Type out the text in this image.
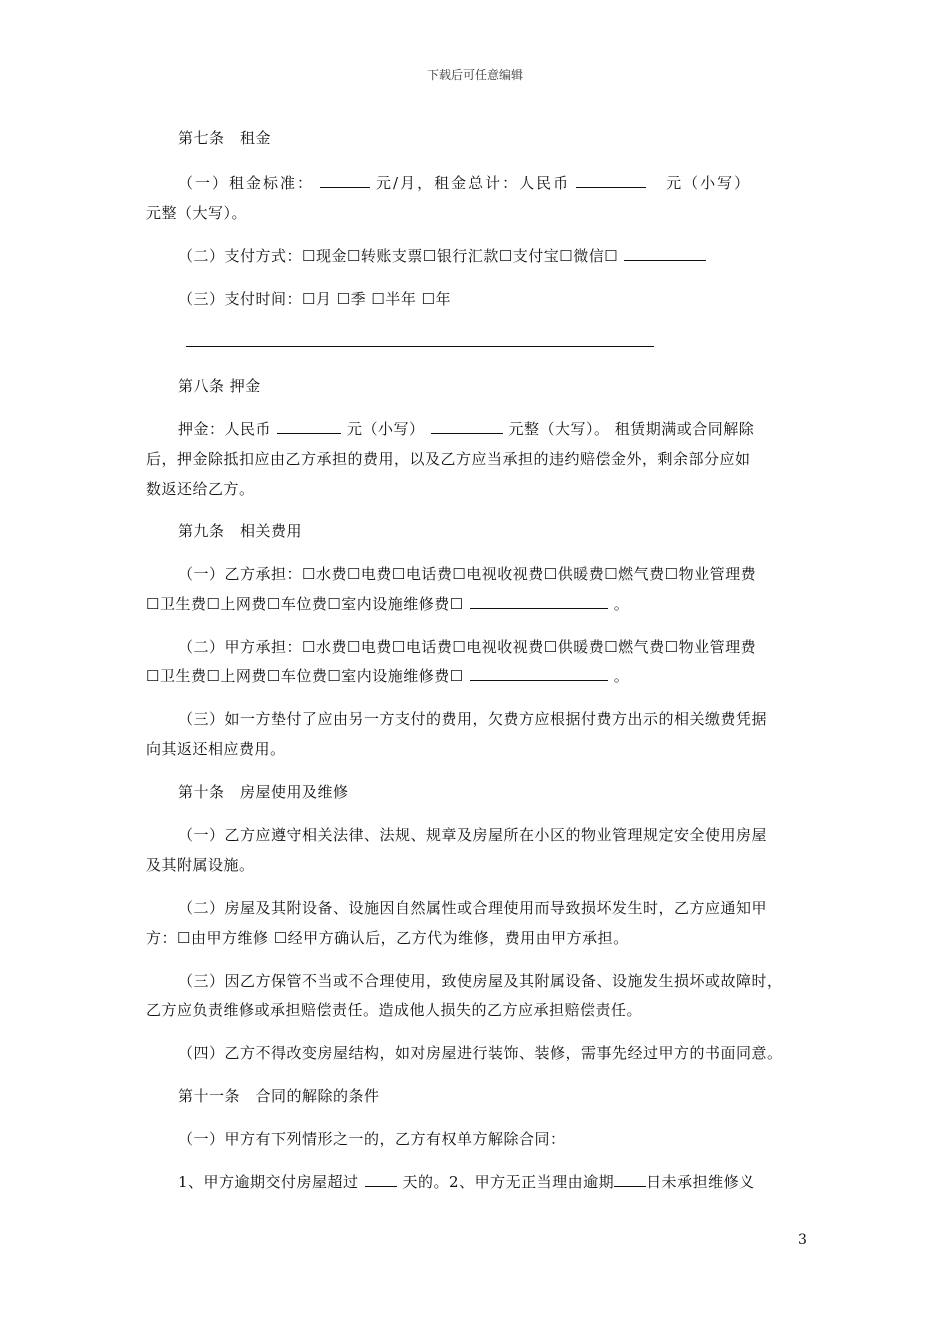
下载后可任意编辑
第七条　租金
（一）租金标准：	元/月，租金总计：人民币	元（小写）
元整（大写）。
（二）支付方式：☐现金☐转账支票☐银行汇款☐支付宝☐微信☐
（三）支付时间：☐月 ☐季 ☐半年 ☐年
第八条 押金
押金：人民币	元（小写）	元整（大写）。 租赁期满或合同解除
后，押金除抵扣应由乙方承担的费用，以及乙方应当承担的违约赔偿金外，剩余部分应如
数返还给乙方。
第九条　相关费用
（一）乙方承担：☐水费☐电费☐电话费☐电视收视费☐供暖费☐燃气费☐物业管理费
☐卫生费☐上网费☐车位费☐室内设施维修费☐	。
（二）甲方承担：☐水费☐电费☐电话费☐电视收视费☐供暖费☐燃气费☐物业管理费
☐卫生费☐上网费☐车位费☐室内设施维修费☐	。
（三）如一方垫付了应由另一方支付的费用，欠费方应根据付费方出示的相关缴费凭据
向其返还相应费用。
第十条　房屋使用及维修
（一）乙方应遵守相关法律、法规、规章及房屋所在小区的物业管理规定安全使用房屋
及其附属设施。
（二）房屋及其附设备、设施因自然属性或合理使用而导致损坏发生时，乙方应通知甲
方：☐由甲方维修 ☐经甲方确认后，乙方代为维修，费用由甲方承担。
（三）因乙方保管不当或不合理使用，致使房屋及其附属设备、设施发生损坏或故障时，
乙方应负责维修或承担赔偿责任。造成他人损失的乙方应承担赔偿责任。
（四）乙方不得改变房屋结构，如对房屋进行装饰、装修，需事先经过甲方的书面同意。
第十一条　合同的解除的条件
（一）甲方有下列情形之一的，乙方有权单方解除合同：
1、甲方逾期交付房屋超过	天的。2、甲方无正当理由逾期 日未承担维修义
3
